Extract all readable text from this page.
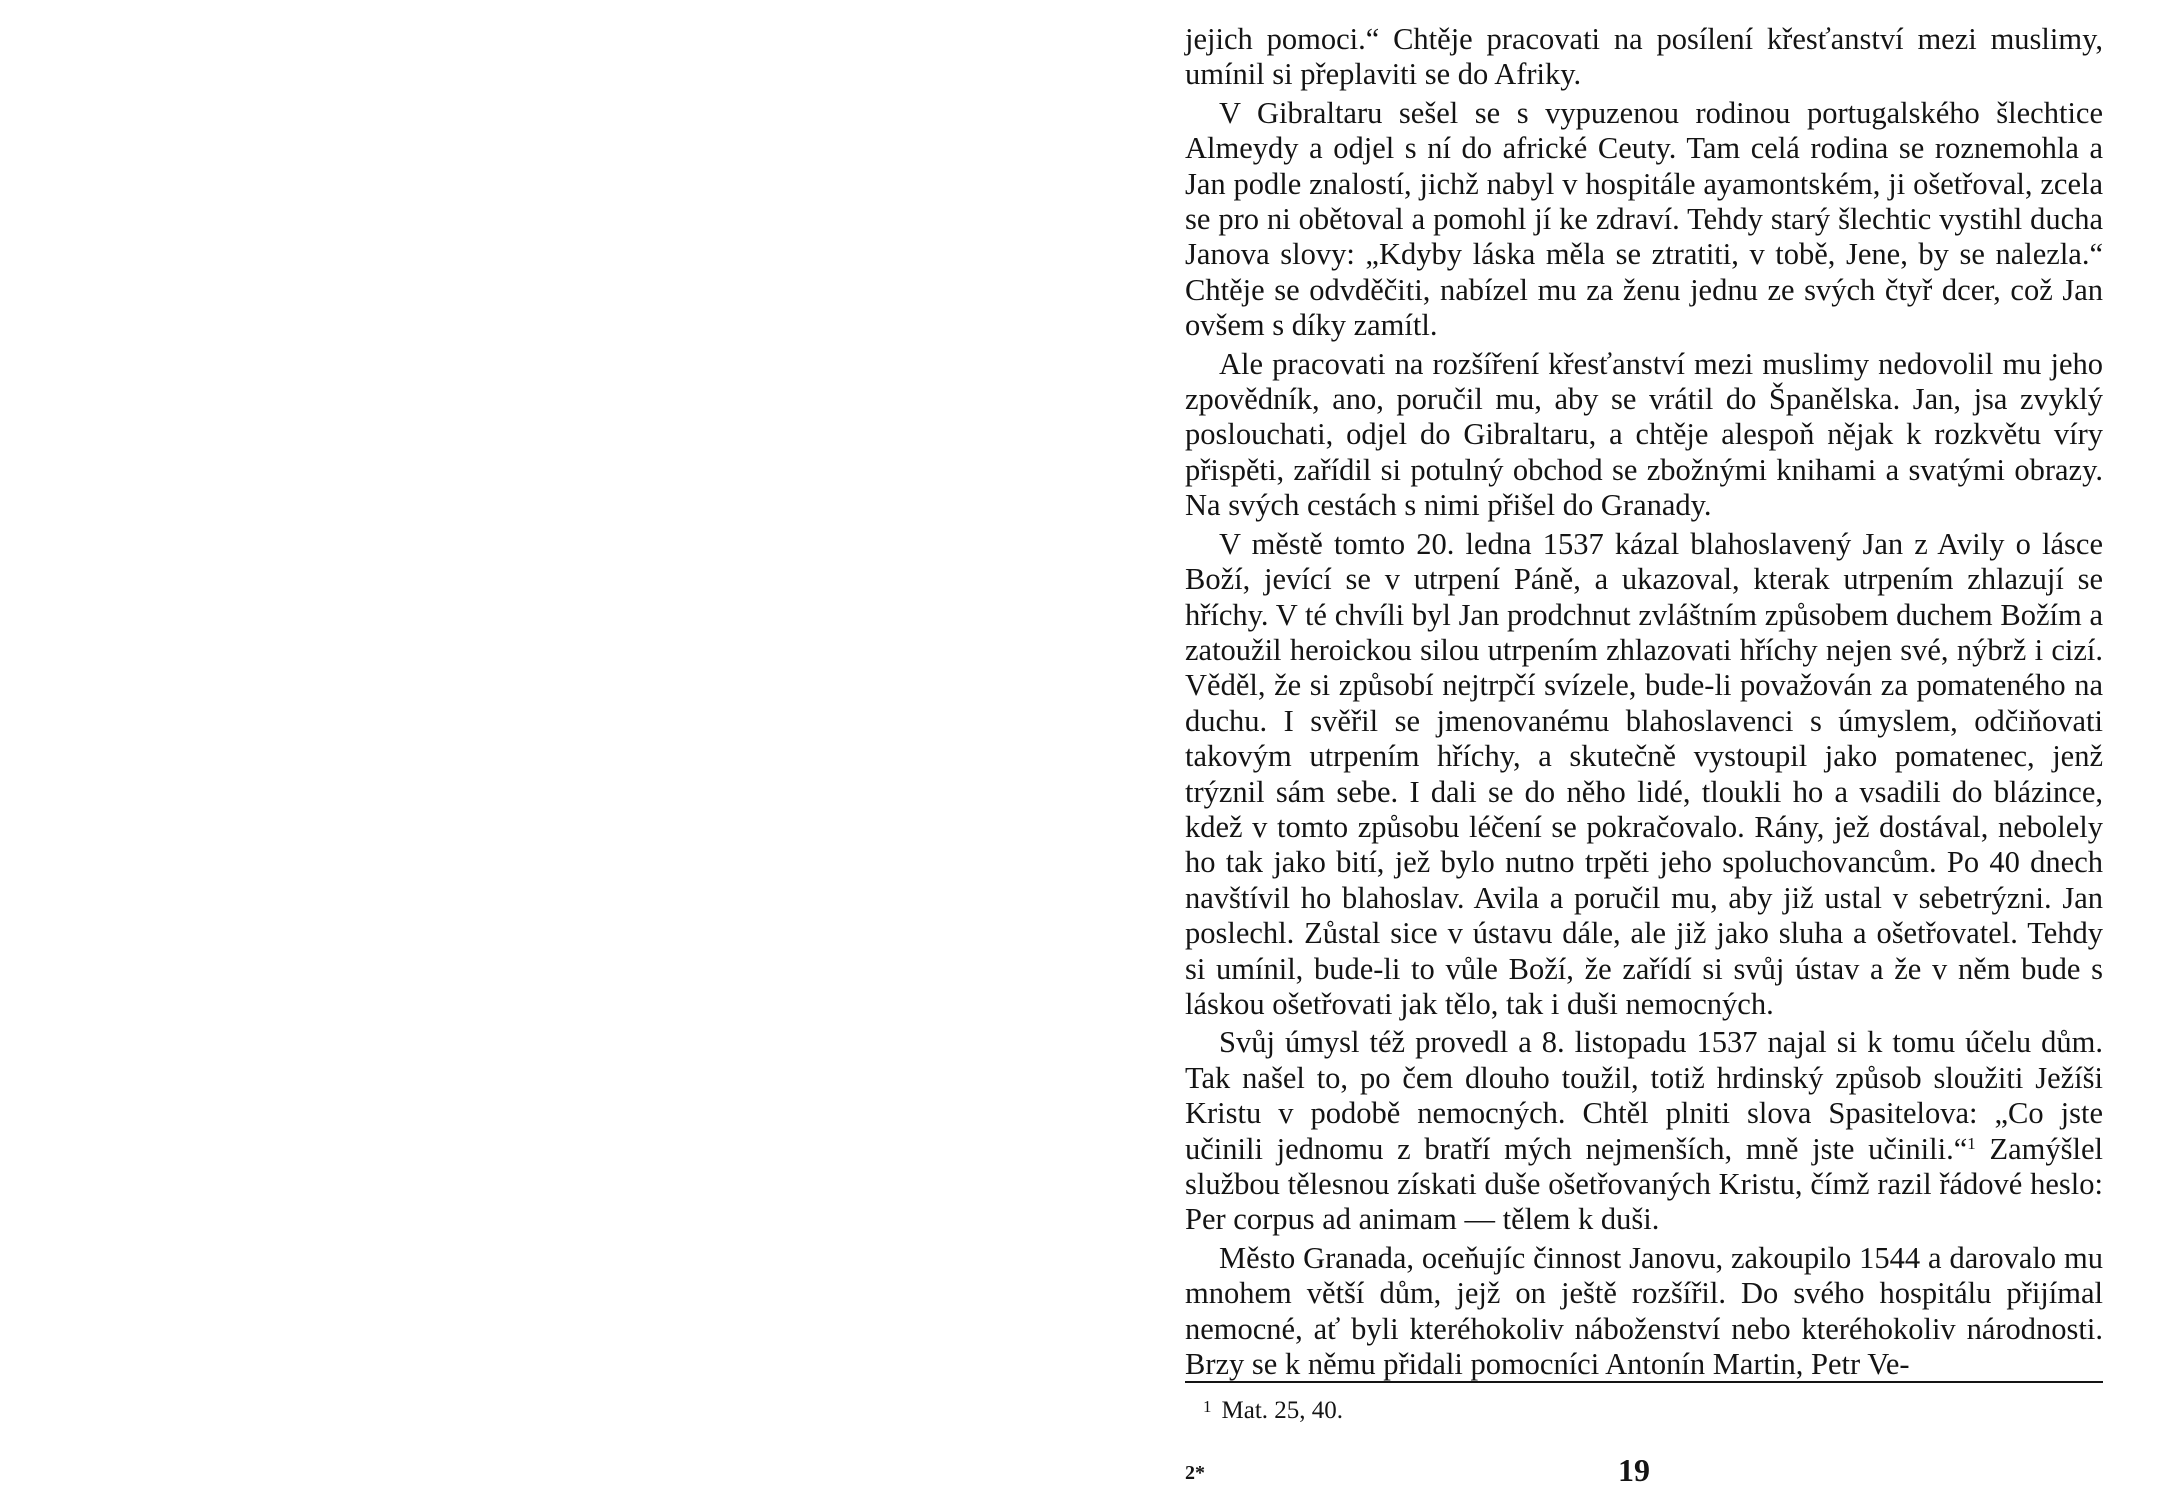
jejich pomoci.“ Chtěje pracovati na posílení křesťanství mezi muslimy, umínil si přeplaviti se do Afriky.

V Gibraltaru sešel se s vypuzenou rodinou portugalského šlechtice Almeydy a odjel s ní do africké Ceuty. Tam celá rodina se roznemohla a Jan podle znalostí, jichž nabyl v hospitále ayamontském, ji ošetřoval, zcela se pro ni obětoval a pomohl jí ke zdraví. Tehdy starý šlechtic vystihl ducha Janova slovy: „Kdyby láska měla se ztratiti, v tobě, Jene, by se nalezla.“ Chtěje se odvděčiti, nabízel mu za ženu jednu ze svých čtyř dcer, což Jan ovšem s díky zamítl.

Ale pracovati na rozšíření křesťanství mezi muslimy nedovolil mu jeho zpovědník, ano, poručil mu, aby se vrátil do Španělska. Jan, jsa zvyklý poslouchati, odjel do Gibraltaru, a chtěje alespoň nějak k rozkvětu víry přispěti, zařídil si potulný obchod se zbožnými knihami a svatými obrazy. Na svých cestách s nimi přišel do Granady.

V městě tomto 20. ledna 1537 kázal blahoslavený Jan z Avily o lásce Boží, jevící se v utrpení Páně, a ukazoval, kterak utrpením zhlazují se hříchy. V té chvíli byl Jan prodchnut zvláštním způsobem duchem Božím a zatoužil heroickou silou utrpením zhlazovati hříchy nejen své, nýbrž i cizí. Věděl, že si způsobí nejtrpčí svízele, bude-li považován za pomateného na duchu. I svěřil se jmenovanému blahoslavenci s úmyslem, odčiňovati takovým utrpením hříchy, a skutečně vystoupil jako pomatenec, jenž trýznil sám sebe. I dali se do něho lidé, tloukli ho a vsadili do blázince, kdež v tomto způsobu léčení se pokračovalo. Rány, jež dostával, nebolely ho tak jako bití, jež bylo nutno trpěti jeho spoluchovancům. Po 40 dnech navštívil ho blahoslav. Avila a poručil mu, aby již ustal v sebetrýzni. Jan poslechl. Zůstal sice v ústavu dále, ale již jako sluha a ošetřovatel. Tehdy si umínil, bude-li to vůle Boží, že zařídí si svůj ústav a že v něm bude s láskou ošetřovati jak tělo, tak i duši nemocných.

Svůj úmysl též provedl a 8. listopadu 1537 najal si k tomu účelu dům. Tak našel to, po čem dlouho toužil, totiž hrdinský způsob sloužiti Ježíši Kristu v podobě nemocných. Chtěl plniti slova Spasitelova: „Co jste učinili jednomu z bratří mých nejmenších, mně jste učinili.“$^1$ Zamýšlel službou tělesnou získati duše ošetřovaných Kristu, čímž razil řádové heslo: Per corpus ad animam — tělem k duši.

Město Granada, oceňujíc činnost Janovu, zakoupilo 1544 a darovalo mu mnohem větší dům, jejž on ještě rozšířil. Do svého hospitálu přijímal nemocné, ať byli kteréhokoliv náboženství nebo kteréhokoliv národnosti. Brzy se k němu přidali pomocníci Antonín Martin, Petr Ve-

$^1$ Mat. 25, 40.
2*	19
